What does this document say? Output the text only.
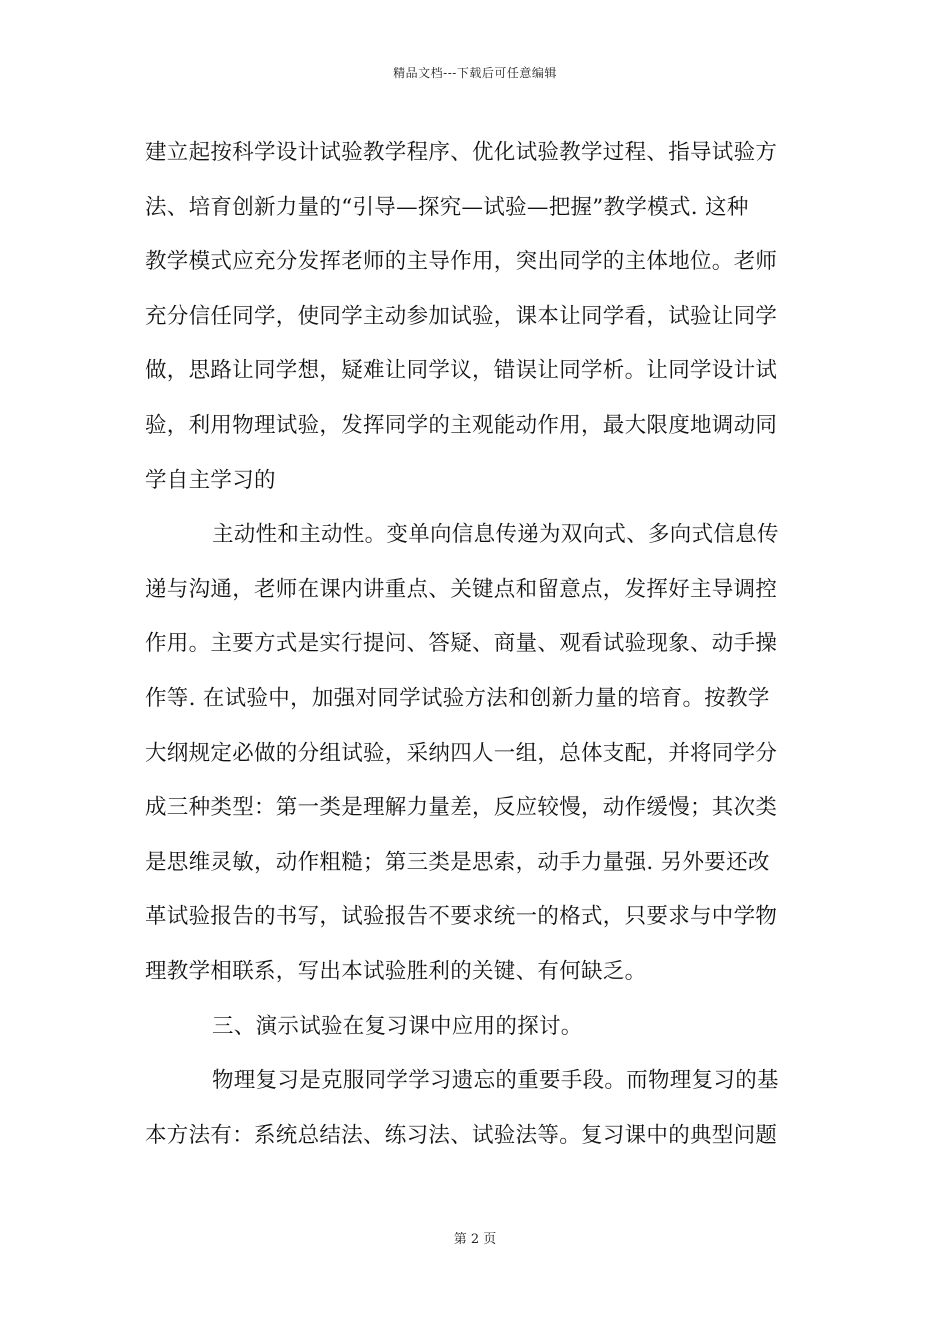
精品文档---下载后可任意编辑
建立起按科学设计试验教学程序、优化试验教学过程、指导试验方
法、培育创新力量的“引导—探究—试验—把握”教学模式. 这种
教学模式应充分发挥老师的主导作用，突出同学的主体地位。老师
充分信任同学，使同学主动参加试验，课本让同学看，试验让同学
做，思路让同学想，疑难让同学议，错误让同学析。让同学设计试
验，利用物理试验，发挥同学的主观能动作用，最大限度地调动同
学自主学习的
主动性和主动性。变单向信息传递为双向式、多向式信息传
递与沟通，老师在课内讲重点、关键点和留意点，发挥好主导调控
作用。主要方式是实行提问、答疑、商量、观看试验现象、动手操
作等. 在试验中，加强对同学试验方法和创新力量的培育。按教学
大纲规定必做的分组试验，采纳四人一组，总体支配，并将同学分
成三种类型：第一类是理解力量差，反应较慢，动作缓慢；其次类
是思维灵敏，动作粗糙；第三类是思索，动手力量强. 另外要还改
革试验报告的书写，试验报告不要求统一的格式，只要求与中学物
理教学相联系，写出本试验胜利的关键、有何缺乏。
三、演示试验在复习课中应用的探讨。
物理复习是克服同学学习遗忘的重要手段。而物理复习的基
本方法有：系统总结法、练习法、试验法等。复习课中的典型问题
第 2 页
